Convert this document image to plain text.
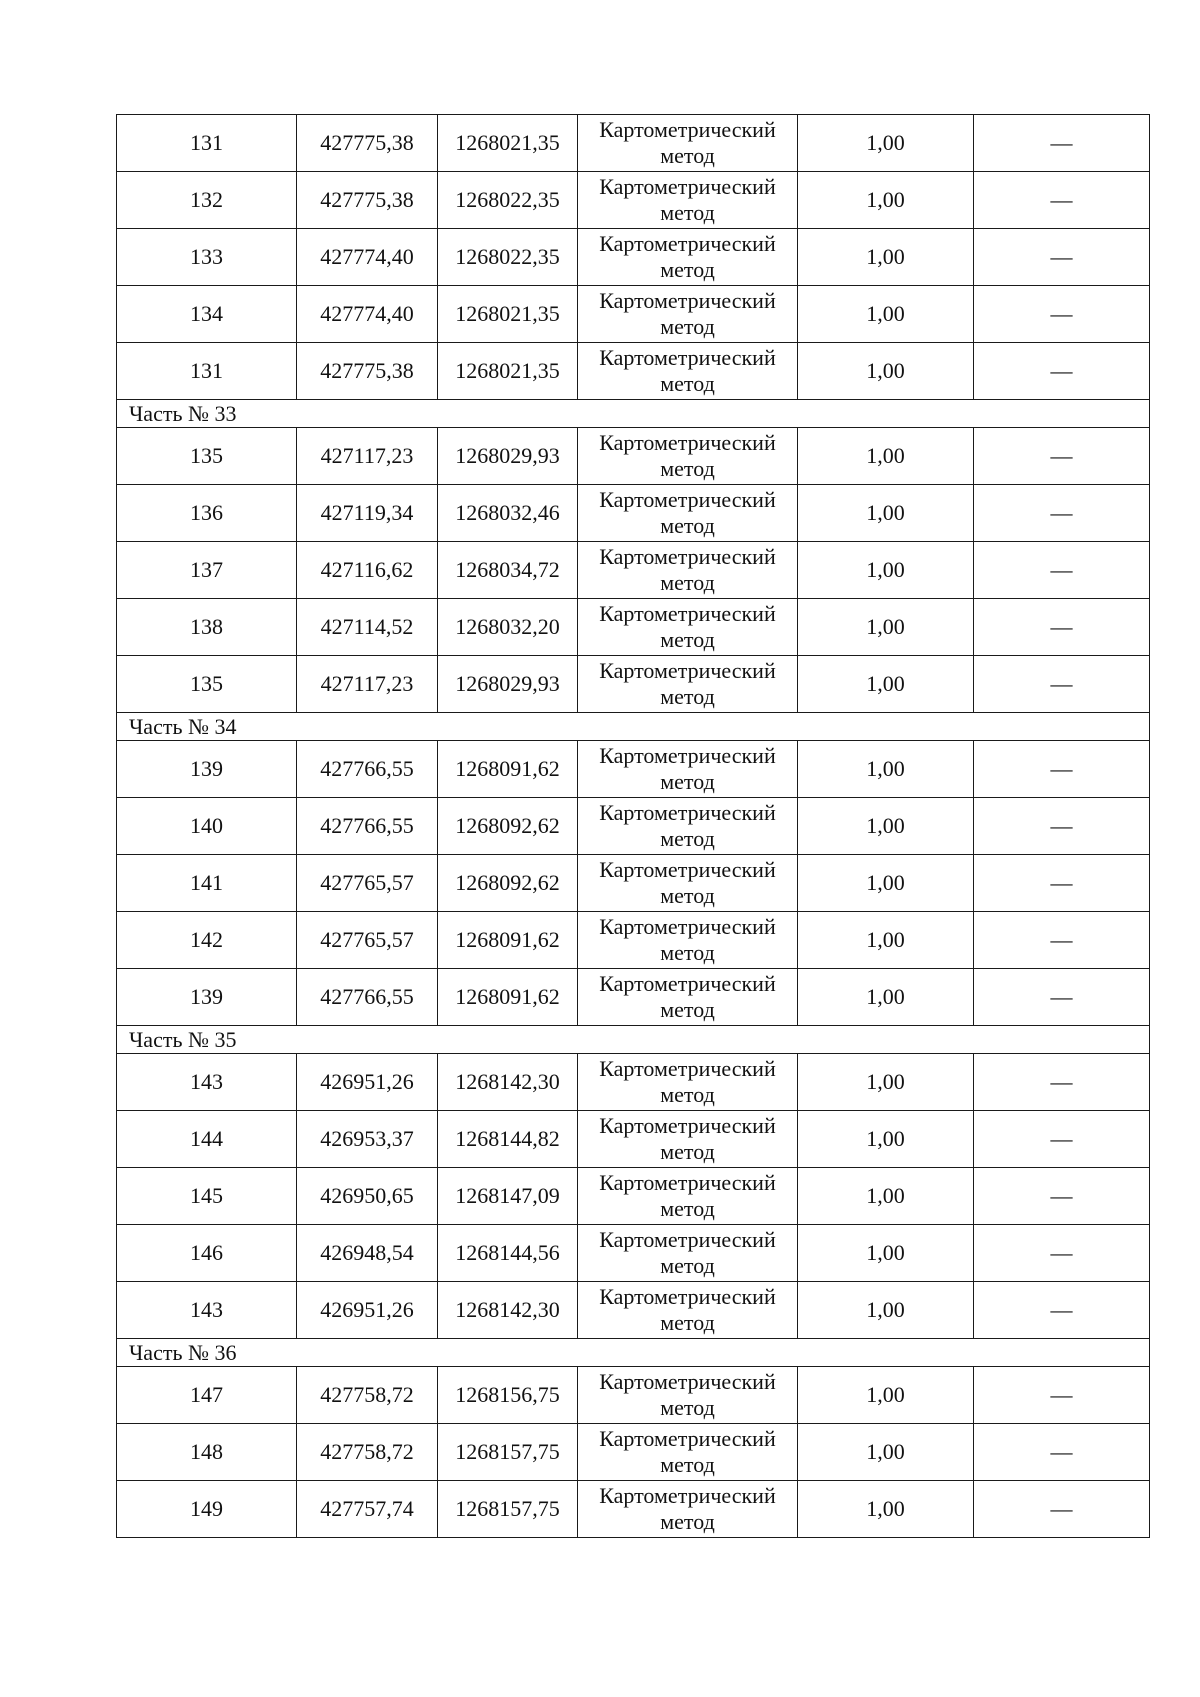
131	427775,38	1268021,35	Картометрический
метод	1,00	—
132	427775,38	1268022,35	Картометрический
метод	1,00	—
133	427774,40	1268022,35	Картометрический
метод	1,00	—
134	427774,40	1268021,35	Картометрический
метод	1,00	—
131	427775,38	1268021,35	Картометрический
метод	1,00	—
Часть № 33					
135	427117,23	1268029,93	Картометрический
метод	1,00	—
136	427119,34	1268032,46	Картометрический
метод	1,00	—
137	427116,62	1268034,72	Картометрический
метод	1,00	—
138	427114,52	1268032,20	Картометрический
метод	1,00	—
135	427117,23	1268029,93	Картометрический
метод	1,00	—
Часть № 34					
139	427766,55	1268091,62	Картометрический
метод	1,00	—
140	427766,55	1268092,62	Картометрический
метод	1,00	—
141	427765,57	1268092,62	Картометрический
метод	1,00	—
142	427765,57	1268091,62	Картометрический
метод	1,00	—
139	427766,55	1268091,62	Картометрический
метод	1,00	—
Часть № 35					
143	426951,26	1268142,30	Картометрический
метод	1,00	—
144	426953,37	1268144,82	Картометрический
метод	1,00	—
145	426950,65	1268147,09	Картометрический
метод	1,00	—
146	426948,54	1268144,56	Картометрический
метод	1,00	—
143	426951,26	1268142,30	Картометрический
метод	1,00	—
Часть № 36					
147	427758,72	1268156,75	Картометрический
метод	1,00	—
148	427758,72	1268157,75	Картометрический
метод	1,00	—
149	427757,74	1268157,75	Картометрический
метод	1,00	—
